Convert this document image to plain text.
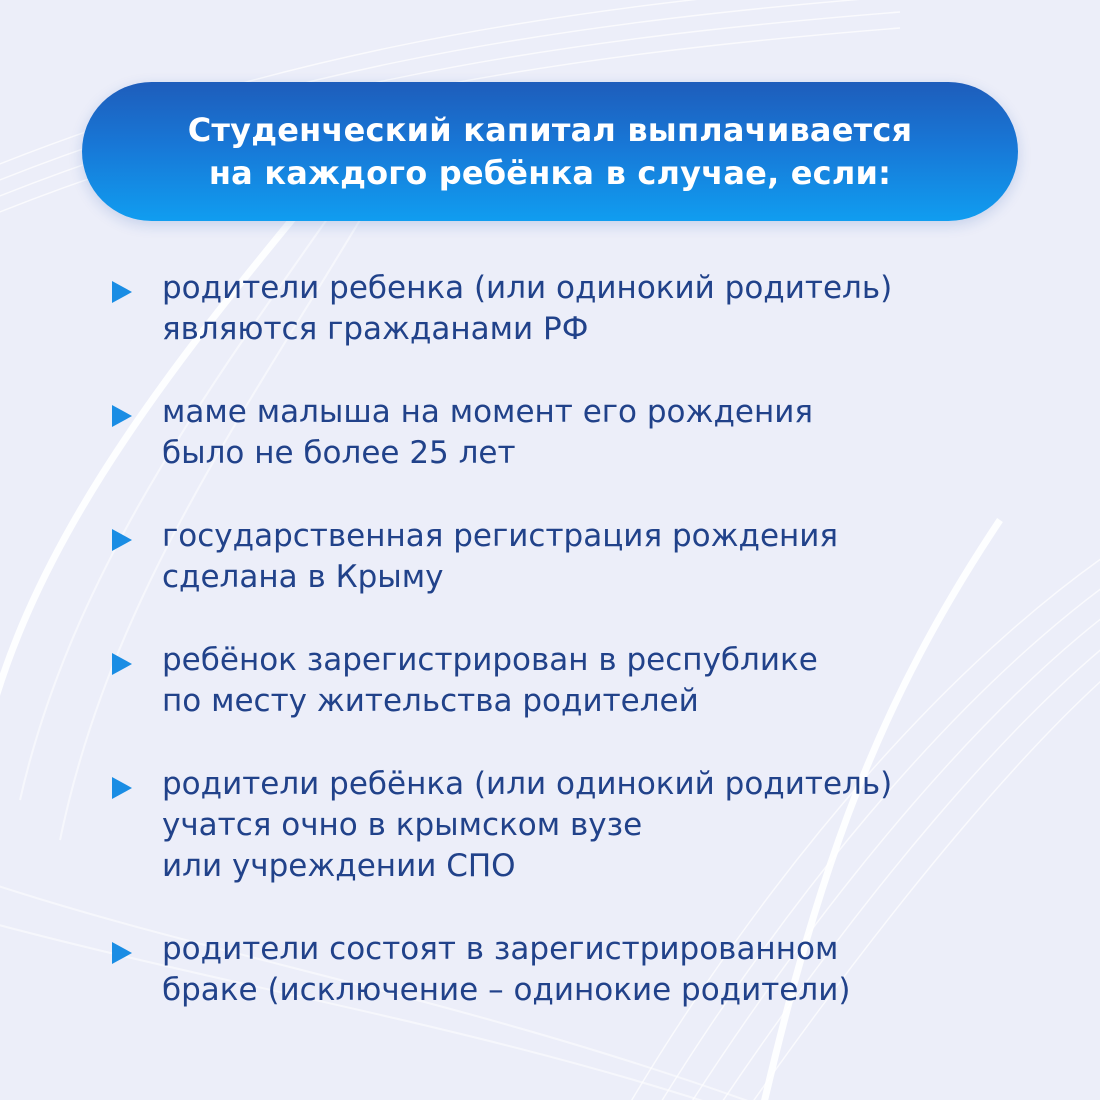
Студенческий капитал выплачивается
на каждого ребёнка в случае, если:
родители ребенка (или одинокий родитель)
являются гражданами РФ
маме малыша на момент его рождения
было не более 25 лет
государственная регистрация рождения
сделана в Крыму
ребёнок зарегистрирован в республике
по месту жительства родителей
родители ребёнка (или одинокий родитель)
учатся очно в крымском вузе
или учреждении СПО
родители состоят в зарегистрированном
браке (исключение – одинокие родители)
